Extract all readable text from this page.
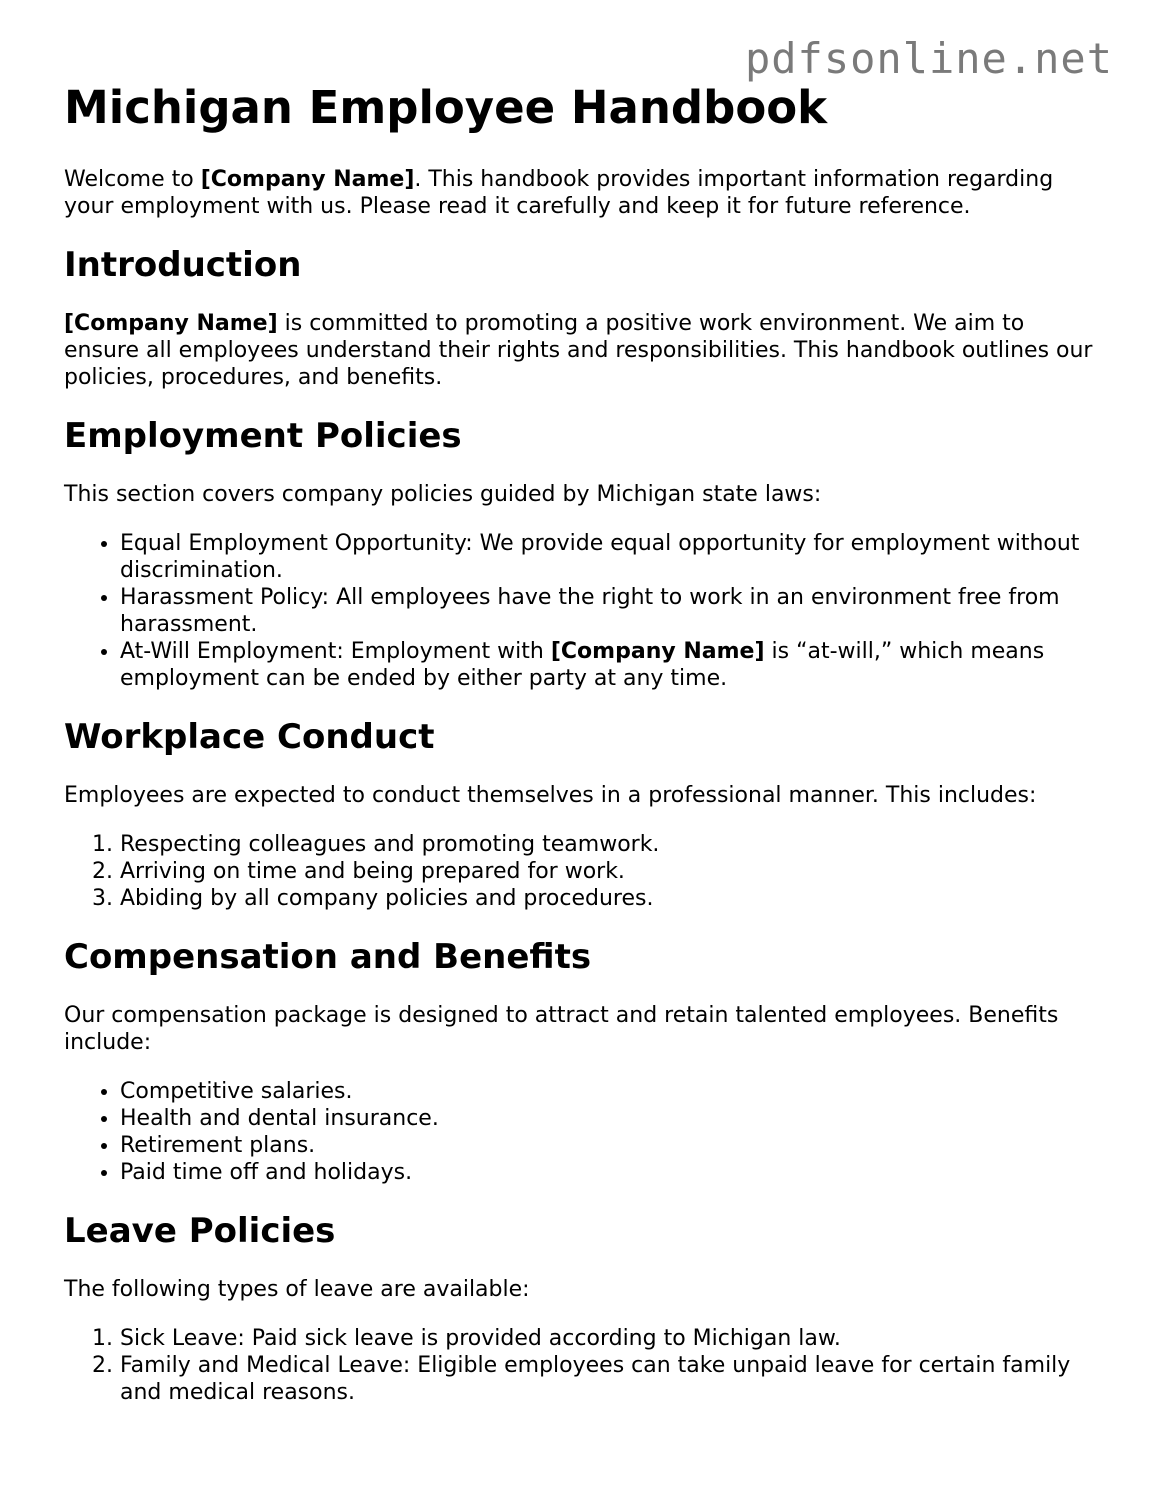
pdfsonline.net
Michigan Employee Handbook

Welcome to [Company Name]. This handbook provides important information regarding your employment with us. Please read it carefully and keep it for future reference.

Introduction

[Company Name] is committed to promoting a positive work environment. We aim to ensure all employees understand their rights and responsibilities. This handbook outlines our policies, procedures, and benefits.

Employment Policies

This section covers company policies guided by Michigan state laws:

• Equal Employment Opportunity: We provide equal opportunity for employment without discrimination.
• Harassment Policy: All employees have the right to work in an environment free from harassment.
• At-Will Employment: Employment with [Company Name] is “at-will,” which means employment can be ended by either party at any time.
Workplace Conduct

Employees are expected to conduct themselves in a professional manner. This includes:

1. Respecting colleagues and promoting teamwork.
2. Arriving on time and being prepared for work.
3. Abiding by all company policies and procedures.
Compensation and Benefits

Our compensation package is designed to attract and retain talented employees. Benefits include:

• Competitive salaries.
• Health and dental insurance.
• Retirement plans.
• Paid time off and holidays.
Leave Policies

The following types of leave are available:

1. Sick Leave: Paid sick leave is provided according to Michigan law.
2. Family and Medical Leave: Eligible employees can take unpaid leave for certain family and medical reasons.
